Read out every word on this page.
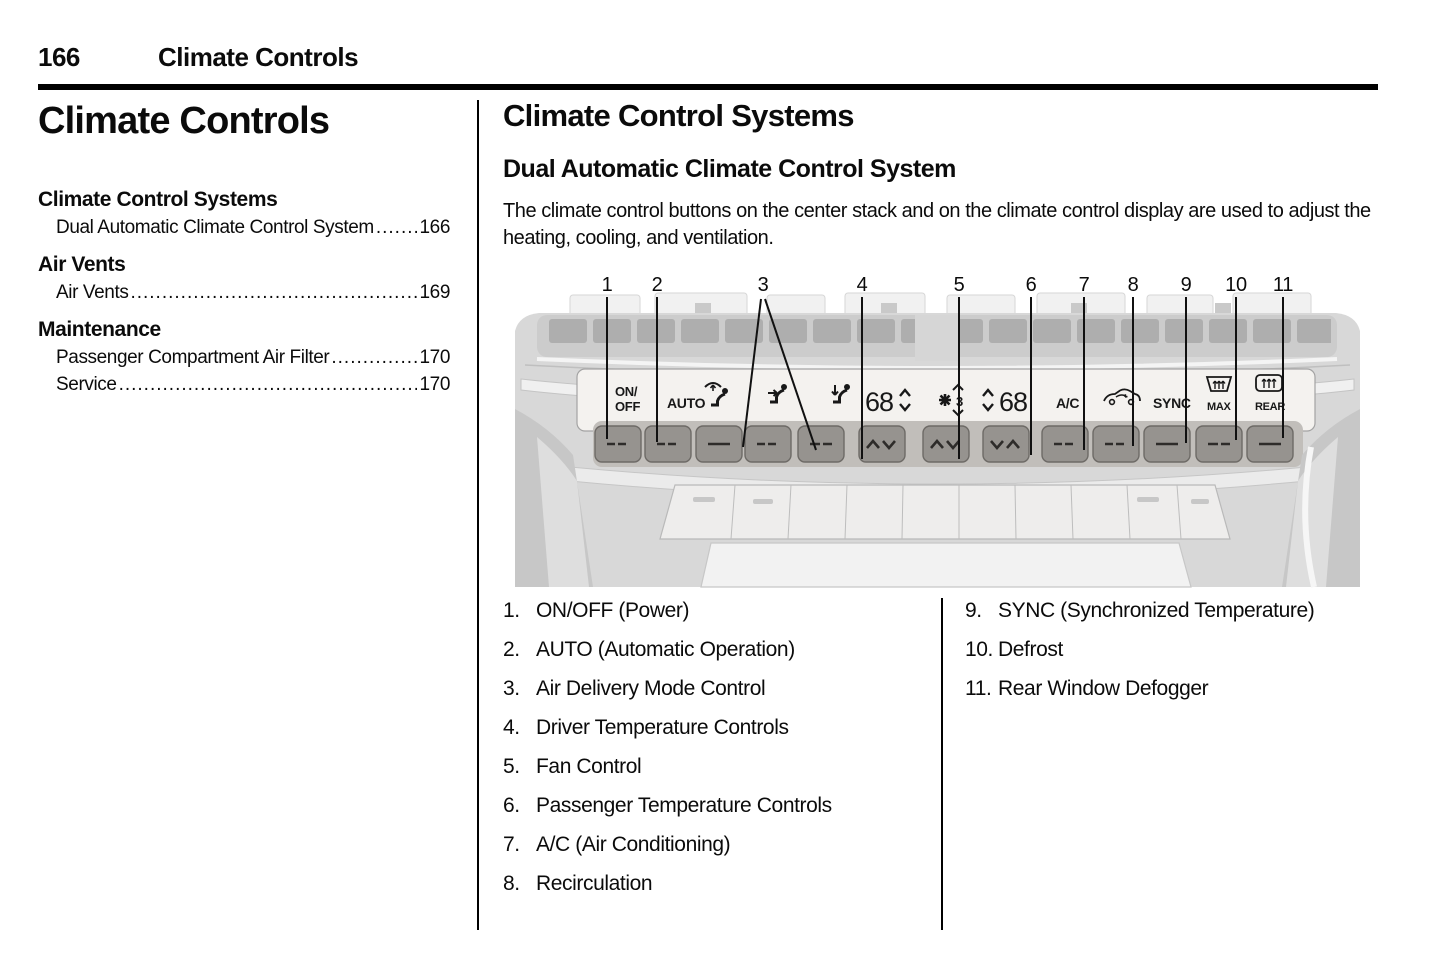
166	Climate Controls
Climate Controls
Climate Control Systems
Dual Automatic Climate Control System ..... 166
Air Vents
Air Vents .....	169
Maintenance
Passenger Compartment Air Filter .....	170
Service .....	170
Climate Control Systems
Dual Automatic Climate Control System
The climate control buttons on the center stack and on the climate control display are used to adjust the heating, cooling, and ventilation.
ON/
OFF AUTO	68	3 68 A/C	SYNC MAX REAR
1 2	3	4	5	6 7 8 9 10 11
1. ON/OFF (Power)
2. AUTO (Automatic Operation)
3. Air Delivery Mode Control
4. Driver Temperature Controls
5. Fan Control
6. Passenger Temperature Controls
7. A/C (Air Conditioning)
8. Recirculation
9. SYNC (Synchronized Temperature)
10. Defrost
11. Rear Window Defogger
